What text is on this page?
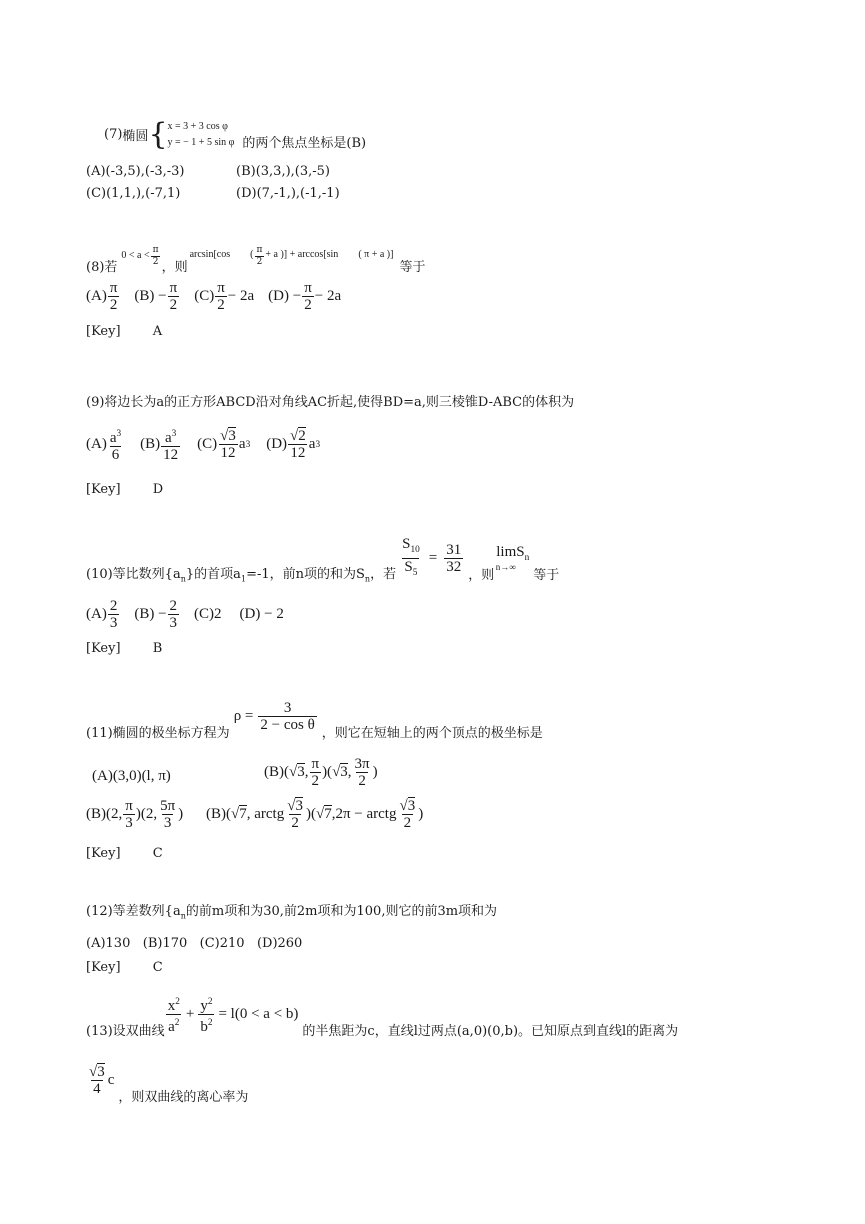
(7) 椭圆 { x = 3 + 3 cos φ
y = − 1 + 5 sin φ 的两个焦点坐标是(B)
(A)(-3,5),(-3,-3)	(B)(3,3,),(3,-5)
(C)(1,1,),(-7,1)	(D)(7,-1,),(-1,-1)
(8)若
$0 < a < \frac{\pi}{2}$ ，则
arcsin[cos ( $\frac{\pi}{2} + a$ )] + arccos[sin ( π + a )]
等于
$(A) \frac{\pi}{2} (B) - \frac{\pi}{2} (C) \frac{\pi}{2} - 2a$ $(D) - \frac{\pi}{2} - 2a$
[Key] A
(9)将边长为a的正方形ABCD沿对角线AC折起,使得BD=a,则三棱锥D-ABC的体积为
$(A) \frac{a^3}{6} (B) \frac{a^3}{12} (C) \frac{√3}{12}$ a 3 $(D) \frac{√2}{12}$ a 3
[Key] D
(10)等比数列$\{a_n\}$的首项$a_1=-1$，前n项的和为$S_n$，若 $\frac{S_{10}}{S_5} = \frac{31}{32}$
，则
limS$_n$
n→∞
等于
$(A) \frac{2}{3} (B) - \frac{2}{3} (C)2$ (D) − 2
[Key] B
(11)椭圆的极坐标方程为
$\rho = \frac{3}{\text{2 − cos θ}}$
，则它在短轴上的两个顶点的极坐标是
(A)(3,0)(l, π)	(B)( √3 , $\frac{\pi}{2}$ )( √3 , $\frac{3\pi}{2}$ )
(B)(2, $\frac{\pi}{3} )(2$, $\frac{5\pi}{3}$ ) (B)( √7 , arctg $\frac{√3}{2}$ )( √7 ,2π − arctg $\frac{√3}{2}$ )
[Key] C
(12)等差数列{$a_n$的前m项和为30,前2m项和为100,则它的前3m项和为
(A)130   (B)170   (C)210   (D)260
[Key] C
(13)设双曲线 $\frac{x^2}{a^2} + \frac{y^2}{b^2} = l(0 < a < b)$
的半焦距为c，直线l过两点(a,0)(0,b)。已知原点到直线l的距离为
$\frac{√3}{4}$ c
，则双曲线的离心率为
